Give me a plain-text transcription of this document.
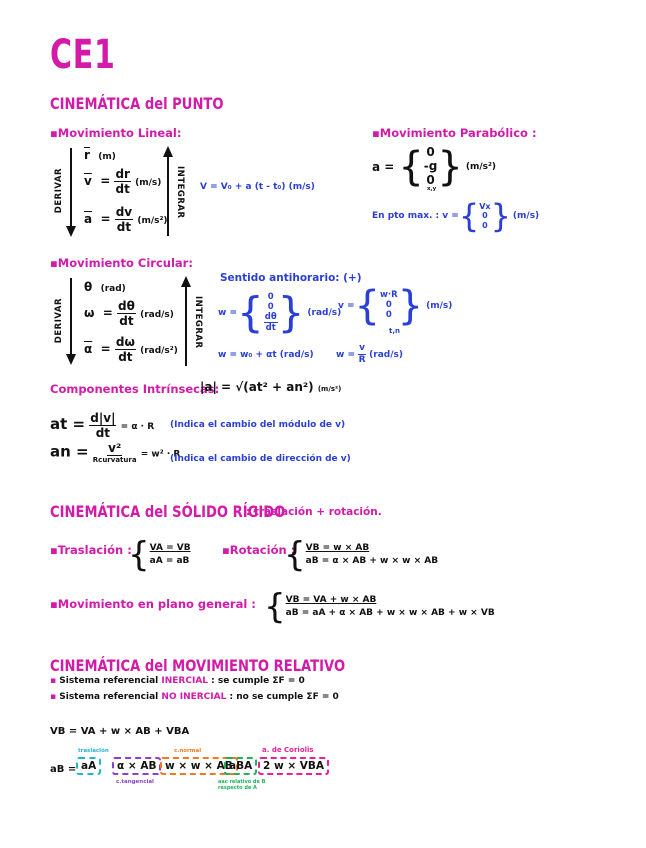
CE1
CINEMÁTICA del PUNTO
▪Movimiento Lineal:
DERIVAR
$\overline{r}$ (m)
$\overline{v} = \frac{dr}{dt} (m/s)$
$\overline{a} = \frac{dv}{dt} (m/s^2)$
INTEGRAR V = V₀ + a (t - t₀) (m/s)
▪Movimiento Parabólico :
a = { 0
-g
0 } (m/s²)
x,y
En pto max. : v = { Vx
0
0 } (m/s)
▪Movimiento Circular:
DERIVAR
θ (rad)
$\omega = \frac{d\theta}{dt} (rad/s)$
$\overline{\alpha} = \frac{d\omega}{dt} (rad/s^2)$
INTEGRAR
Sentido antihorario: (+)
w = { 0
0
$\frac{d\theta}{dt}$ } (rad/s)
v = { w·R
0
0 } (m/s)
t,n
w = w₀ + αt (rad/s) $w = \frac{v}{R} (rad/s)$
Componentes Intrínsecas:
|a| = √(at² + an²) (m/s²)
at = $\frac{d|v|}{dt} = \alpha \cdot R$ (Indica el cambio del módulo de v)
an = $\frac{\text{v²}}{\text{Rcurvatura}} = w^2 \cdot R$
(Indica el cambio de dirección de v)
CINEMÁTICA del SÓLIDO RÍGIDO
: traslación + rotación.
▪Traslación :
{ VA = VB
aA = aB
▪Rotación :
{ VB = w × AB
aB = α × AB + w × w × AB
▪Movimiento en plano general : { VB = VA + w × AB
aB = aA + α × AB + w × w × AB + w × VB
CINEMÁTICA del MOVIMIENTO RELATIVO
▪ Sistema referencial INERCIAL : se cumple ΣF = 0
▪ Sistema referencial NO INERCIAL : no se cumple ΣF = 0
VB = VA + w × AB + VBA
aB =
traslación
aA	α × AB
c.tangencial
c.normal
w × w × AB
aBA
aac relativo de B respecto de A
a. de Coriolis
2 w × VBA
